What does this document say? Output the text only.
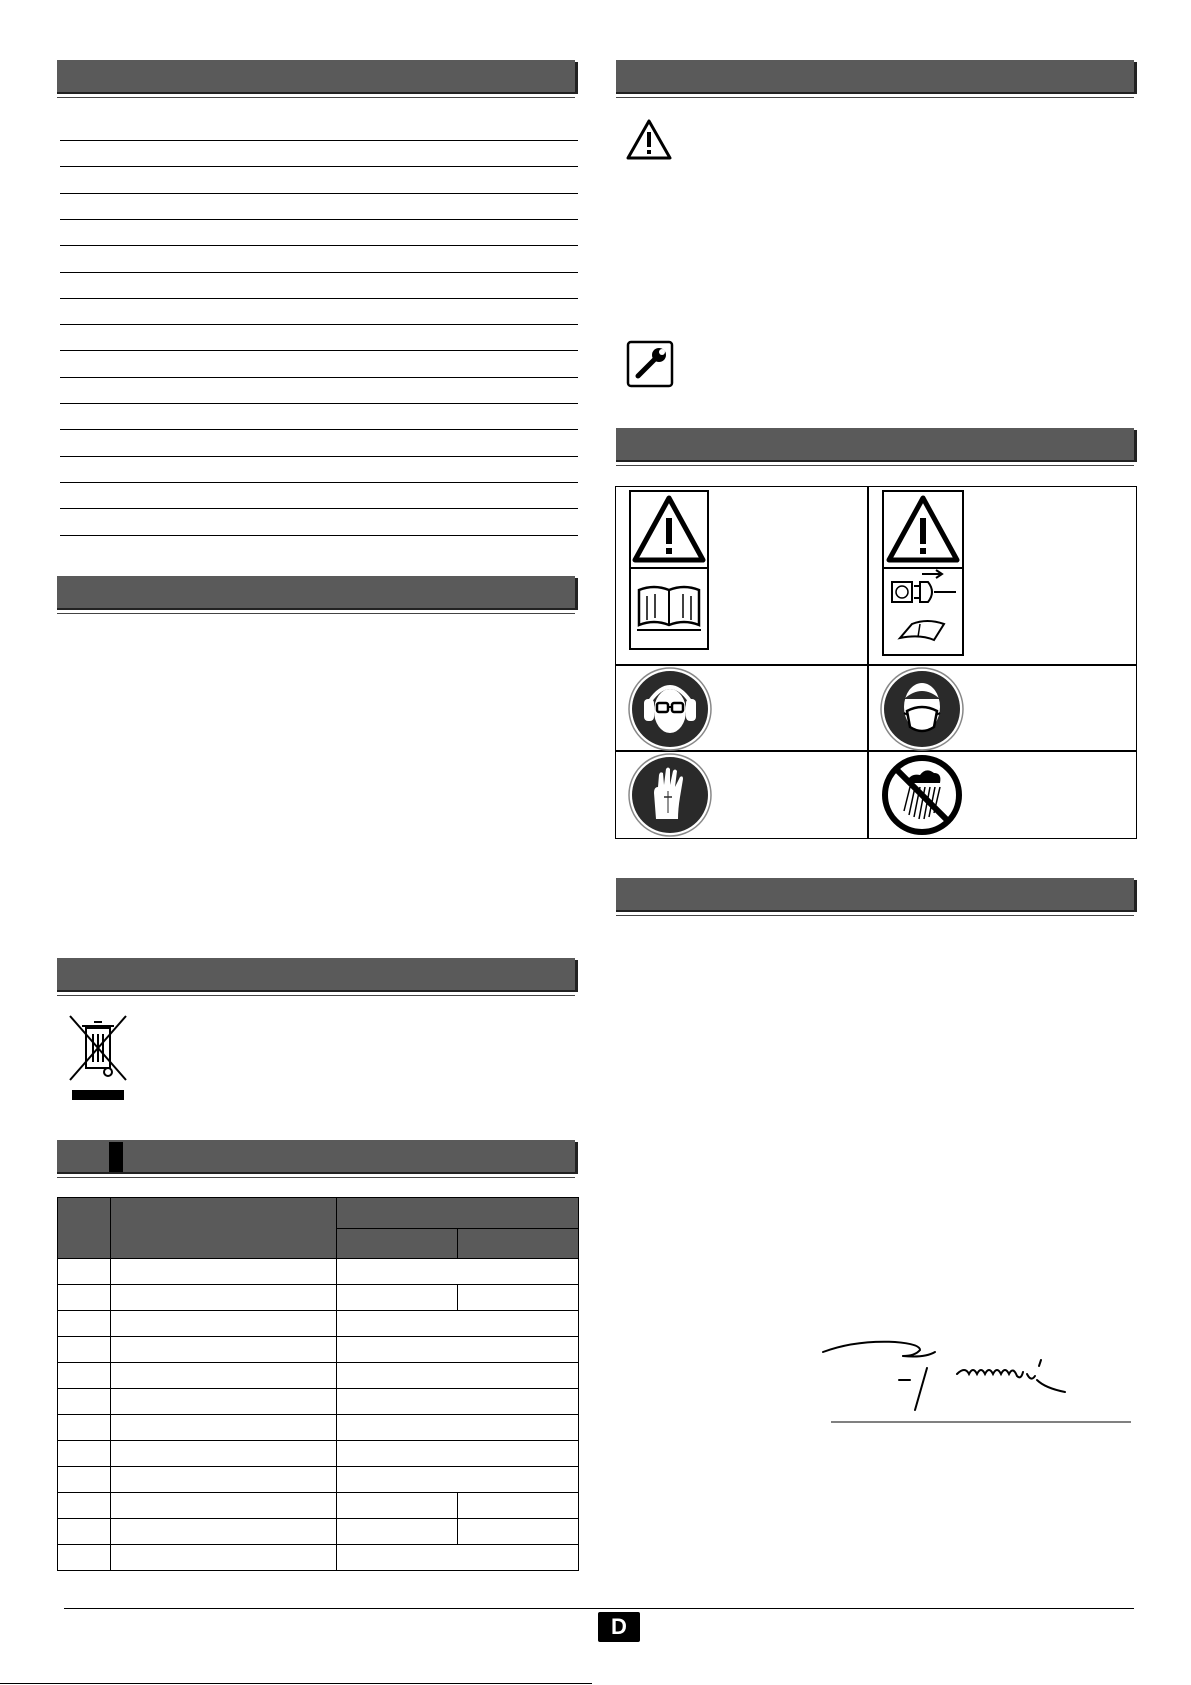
D
